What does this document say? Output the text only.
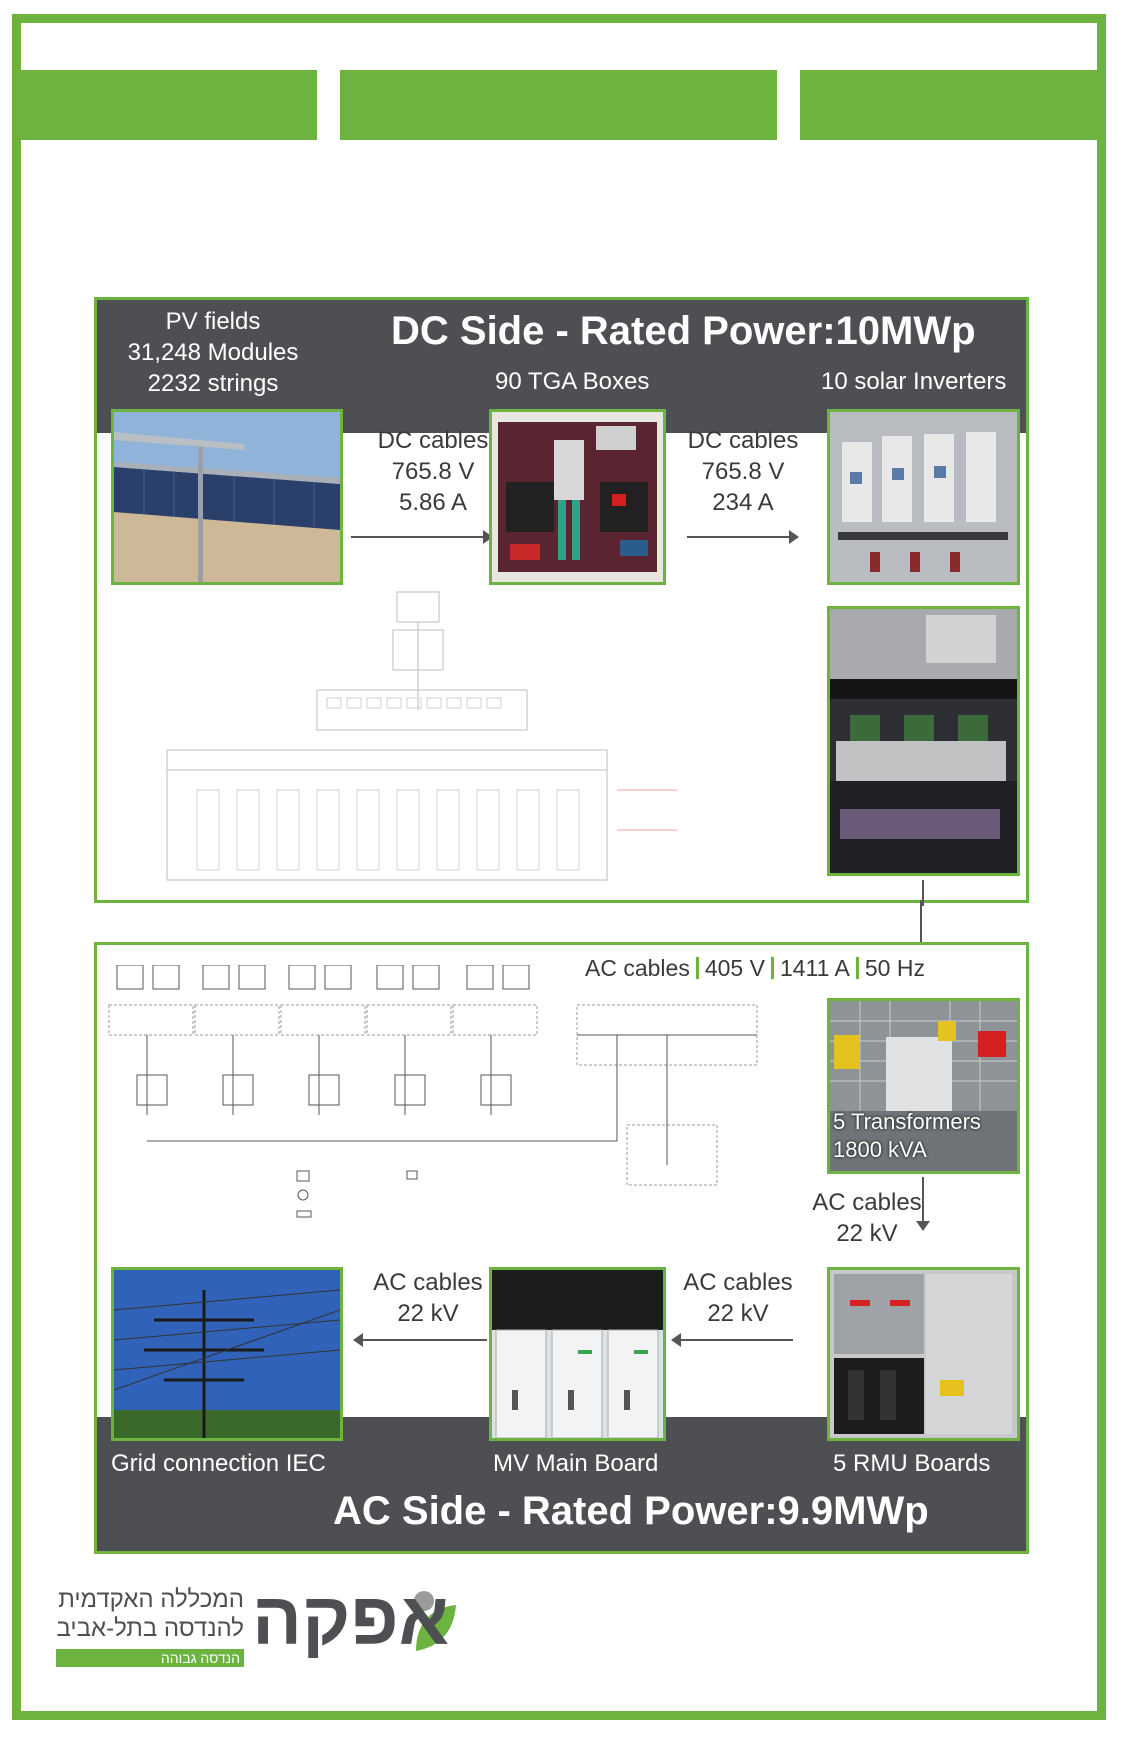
DC Side - Rated Power:10MWp
PV fields
31,248 Modules
2232 strings	90 TGA Boxes	10 solar Inverters
DC cables
765.8 V
5.86 A
DC cables
765.8 V
234 A
AC cables 405 V 1411 A 50 Hz
5 Transformers
1800 kVA
AC cables
22 kV
AC cables
22 kV
AC cables
22 kV
Grid connection IEC	MV Main Board	5 RMU Boards
AC Side - Rated Power:9.9MWp
אפקה
המכללה האקדמית
להנדסה בתל-אביב
הנדסה גבוהה
